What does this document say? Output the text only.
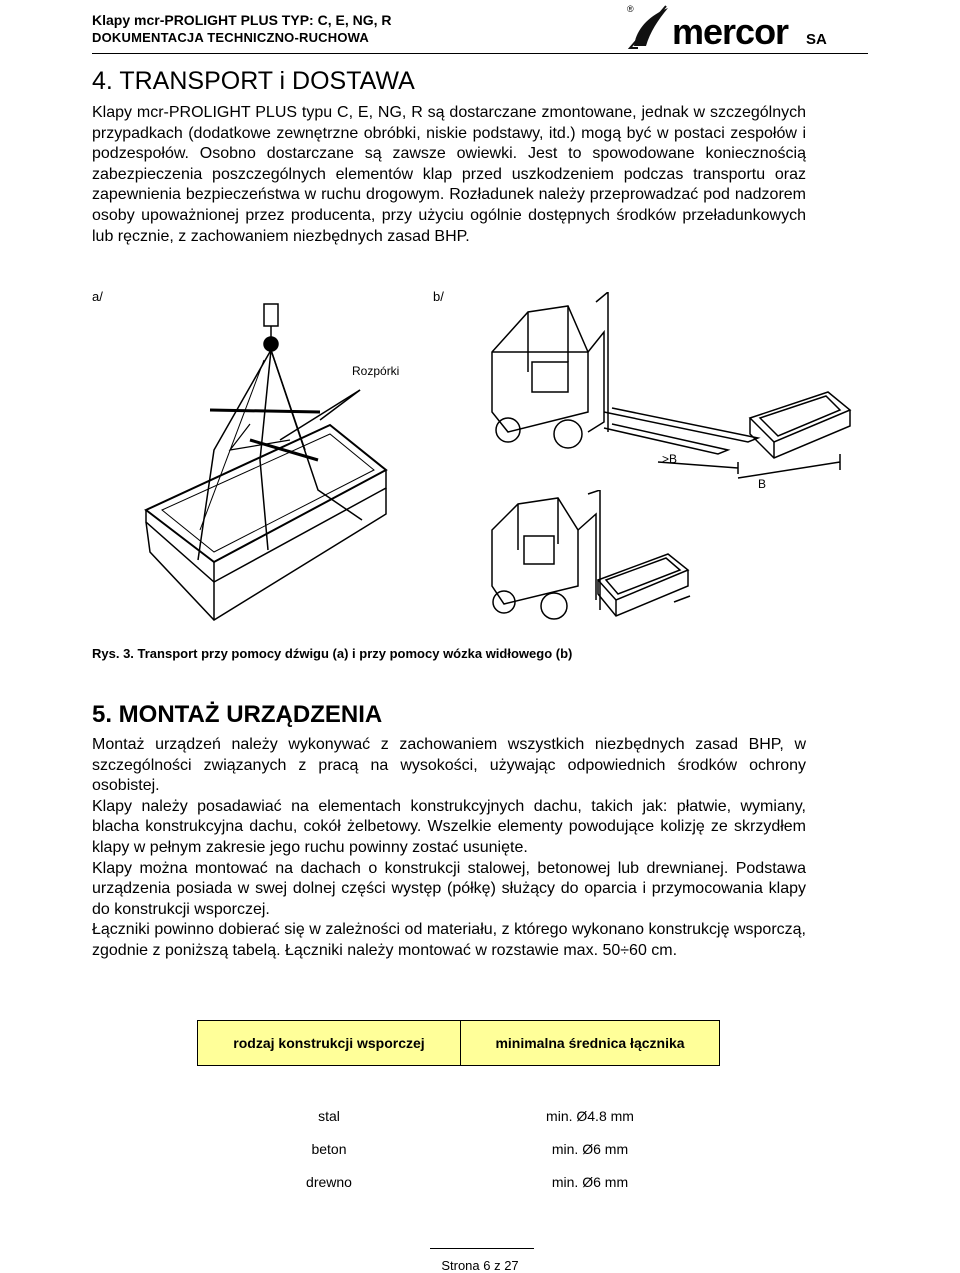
Klapy mcr-PROLIGHT PLUS TYP: C, E, NG, R
DOKUMENTACJA TECHNICZNO-RUCHOWA
®
mercor SA
4. TRANSPORT i DOSTAWA

Klapy mcr-PROLIGHT PLUS typu C, E, NG, R są dostarczane zmontowane, jednak w szczególnych przypadkach (dodatkowe zewnętrzne obróbki, niskie podstawy, itd.) mogą być w postaci zespołów i podzespołów. Osobno dostarczane są zawsze owiewki. Jest to spowodowane koniecznością zabezpieczenia poszczególnych elementów klap przed uszkodzeniem podczas transportu oraz zapewnienia bezpieczeństwa w ruchu drogowym. Rozładunek należy przeprowadzać pod nadzorem osoby upoważnionej przez producenta, przy użyciu ogólnie dostępnych środków przeładunkowych lub ręcznie, z zachowaniem niezbędnych zasad BHP.

a/	b/
Rozpórki
>B
B
Rys. 3. Transport przy pomocy dźwigu (a) i przy pomocy wózka widłowego (b)
5. MONTAŻ URZĄDZENIA

Montaż urządzeń należy wykonywać z zachowaniem wszystkich niezbędnych zasad BHP, w szczególności związanych z pracą na wysokości, używając odpowiednich środków ochrony osobistej.

Klapy należy posadawiać na elementach konstrukcyjnych dachu, takich jak: płatwie, wymiany, blacha konstrukcyjna dachu, cokół żelbetowy. Wszelkie elementy powodujące kolizję ze skrzydłem klapy w pełnym zakresie jego ruchu powinny zostać usunięte.

Klapy można montować na dachach o konstrukcji stalowej, betonowej lub drewnianej. Podstawa urządzenia posiada w swej dolnej części występ (półkę) służący do oparcia i przymocowania klapy do konstrukcji wsporczej.

Łączniki powinno dobierać się w zależności od materiału, z którego wykonano konstrukcję wsporczą, zgodnie z poniższą tabelą. Łączniki należy montować w rozstawie max. 50÷60 cm.

rodzaj konstrukcji wsporczej	minimalna średnica łącznika

stal	min. Ø4.8 mm
beton	min. Ø6 mm
drewno	min. Ø6 mm
Strona 6 z 27
